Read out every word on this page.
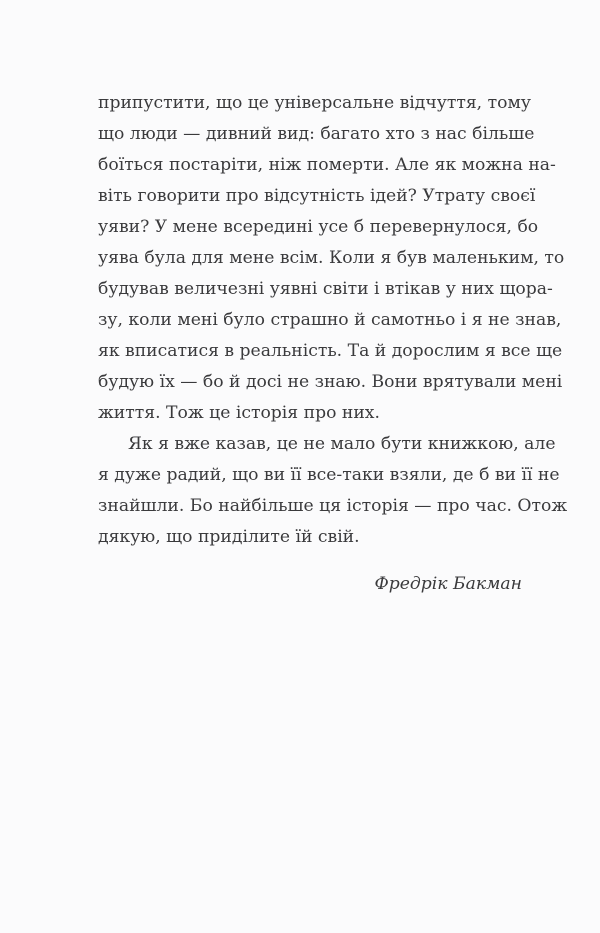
припустити, що це універсальне відчуття, тому
що люди — дивний вид: багато хто з нас більше
боїться постаріти, ніж померти. Але як можна на-
віть говорити про відсутність ідей? Утрату своєї
уяви? У мене всередині усе б перевернулося, бо
уява була для мене всім. Коли я був маленьким, то
будував величезні уявні світи і втікав у них щора-
зу, коли мені було страшно й самотньо і я не знав,
як вписатися в реальність. Та й дорослим я все ще
будую їх — бо й досі не знаю. Вони врятували мені
життя. Тож це історія про них.
Як я вже казав, це не мало бути книжкою, але
я дуже радий, що ви її все-таки взяли, де б ви її не
знайшли. Бо найбільше ця історія — про час. Отож
дякую, що приділите їй свій.
Фредрік Бакман
